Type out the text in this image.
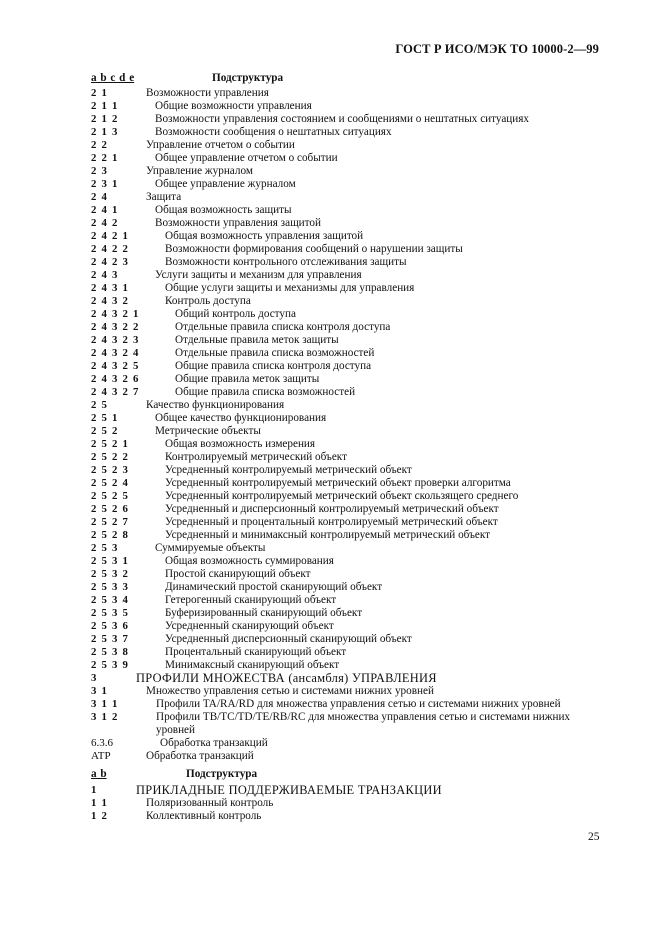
ГОСТ Р ИСО/МЭК ТО 10000-2—99
a b c d e	Подструктура
2 1	Возможности управления
2 1 1	Общие возможности управления
2 1 2	Возможности управления состоянием и сообщениями о нештатных ситуациях
2 1 3	Возможности сообщения о нештатных ситуациях
2 2	Управление отчетом о событии
2 2 1	Общее управление отчетом о событии
2 3	Управление журналом
2 3 1	Общее управление журналом
2 4	Защита
2 4 1	Общая возможность защиты
2 4 2	Возможности управления защитой
2 4 2 1	Общая возможность управления защитой
2 4 2 2	Возможности формирования сообщений о нарушении защиты
2 4 2 3	Возможности контрольного отслеживания защиты
2 4 3	Услуги защиты и механизм для управления
2 4 3 1	Общие услуги защиты и механизмы для управления
2 4 3 2	Контроль доступа
2 4 3 2 1	Общий контроль доступа
2 4 3 2 2	Отдельные правила списка контроля доступа
2 4 3 2 3	Отдельные правила меток защиты
2 4 3 2 4	Отдельные правила списка возможностей
2 4 3 2 5	Общие правила списка контроля доступа
2 4 3 2 6	Общие правила меток защиты
2 4 3 2 7	Общие правила списка возможностей
2 5	Качество функционирования
2 5 1	Общее качество функционирования
2 5 2	Метрические объекты
2 5 2 1	Общая возможность измерения
2 5 2 2	Контролируемый метрический объект
2 5 2 3	Усредненный контролируемый метрический объект
2 5 2 4	Усредненный контролируемый метрический объект проверки алгоритма
2 5 2 5	Усредненный контролируемый метрический объект скользящего среднего
2 5 2 6	Усредненный и дисперсионный контролируемый метрический объект
2 5 2 7	Усредненный и процентальный контролируемый метрический объект
2 5 2 8	Усредненный и минимаксный контролируемый метрический объект
2 5 3	Суммируемые объекты
2 5 3 1	Общая возможность суммирования
2 5 3 2	Простой сканирующий объект
2 5 3 3	Динамический простой сканирующий объект
2 5 3 4	Гетерогенный сканирующий объект
2 5 3 5	Буферизированный сканирующий объект
2 5 3 6	Усредненный сканирующий объект
2 5 3 7	Усредненный дисперсионный сканирующий объект
2 5 3 8	Процентальный сканирующий объект
2 5 3 9	Минимаксный сканирующий объект
3	ПРОФИЛИ МНОЖЕСТВА (ансамбля) УПРАВЛЕНИЯ
3 1	Множество управления сетью и системами нижних уровней
3 1 1	Профили TA/RA/RD для множества управления сетью и системами нижних уровней
3 1 2	Профили TB/TC/TD/TE/RB/RC для множества управления сетью и системами нижних уровней
6.3.6	Обработка транзакций
ATP	Обработка транзакций
a b	Подструктура
1	ПРИКЛАДНЫЕ ПОДДЕРЖИВАЕМЫЕ ТРАНЗАКЦИИ
1 1	Поляризованный контроль
1 2	Коллективный контроль
25
